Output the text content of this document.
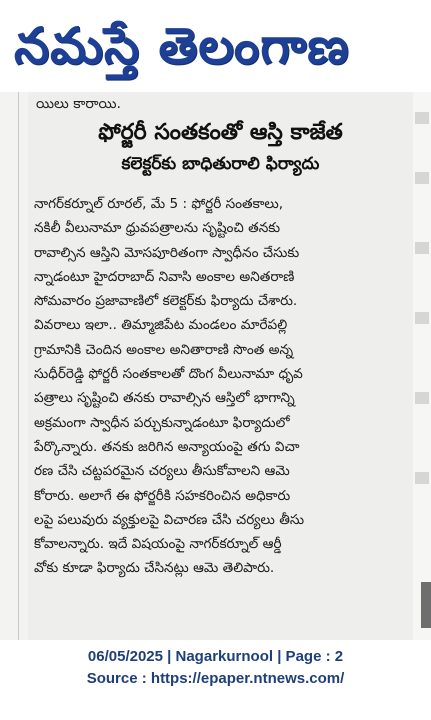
నమస్తే తెలంగాణ
యిలు కారాయి.
ఫోర్జరీ సంతకంతో ఆస్తి కాజేత
కలెక్టర్‌కు బాధితురాలి ఫిర్యాదు

నాగర్‌కర్నూల్ రూరల్, మే 5 : ఫోర్జరీ సంతకాలు,

నకిలీ వీలునామా ధ్రువపత్రాలను సృష్టించి తనకు

రావాల్సిన ఆస్తిని మోసపూరితంగా స్వాధీనం చేసుకు

న్నాడంటూ హైదరాబాద్ నివాసి అంకాల అనితరాణి

సోమవారం ప్రజావాణిలో కలెక్టర్‌కు ఫిర్యాదు చేశారు.

వివరాలు ఇలా.. తిమ్మాజిపేట మండలం మారేపల్లి

గ్రామానికి చెందిన అంకాల అనితారాణి సొంత అన్న

సుధీర్‌రెడ్డి ఫోర్జరీ సంతకాలతో దొంగ వీలునామా ధృవ

పత్రాలు సృష్టించి తనకు రావాల్సిన ఆస్తిలో భాగాన్ని

అక్రమంగా స్వాధీన పర్చుకున్నాడంటూ ఫిర్యాదులో

పేర్కొన్నారు. తనకు జరిగిన అన్యాయంపై తగు విచా

రణ చేసి చట్టపరమైన చర్యలు తీసుకోవాలని ఆమె

కోరారు. అలాగే ఈ ఫోర్జరీకి సహకరించిన అధికారు

లపై పలువురు వ్యక్తులపై విచారణ చేసి చర్యలు తీసు

కోవాలన్నారు. ఇదే విషయంపై నాగర్‌కర్నూల్ ఆర్డీ

వోకు కూడా ఫిర్యాదు చేసినట్లు ఆమె తెలిపారు.

06/05/2025 | Nagarkurnool | Page : 2
Source : https://epaper.ntnews.com/
